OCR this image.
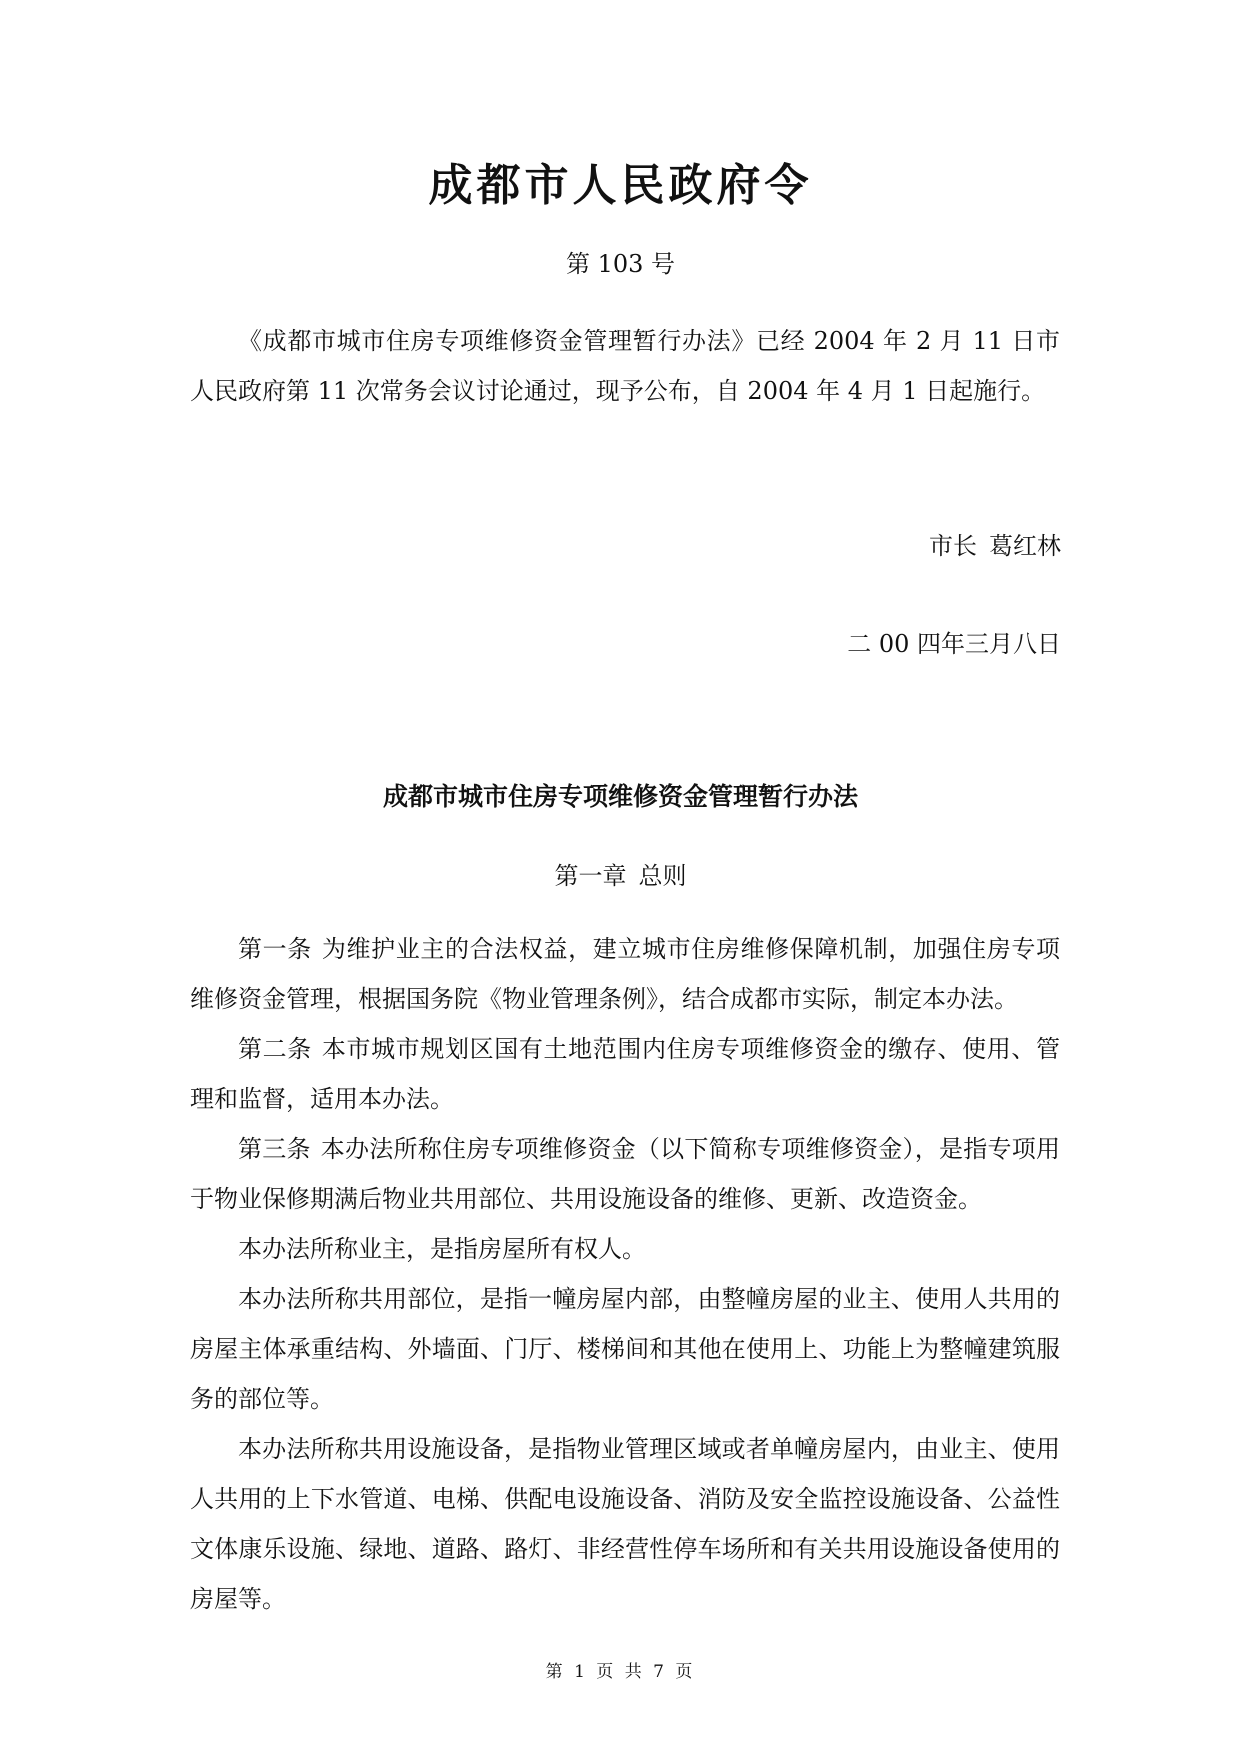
成都市人民政府令
第 103 号

《成都市城市住房专项维修资金管理暂行办法》已经 2004 年 2 月 11 日市人民政府第 11 次常务会议讨论通过，现予公布，自 2004 年 4 月 1 日起施行。

市长 葛红林
二 00 四年三月八日
成都市城市住房专项维修资金管理暂行办法
第一章 总则

第一条 为维护业主的合法权益，建立城市住房维修保障机制，加强住房专项维修资金管理，根据国务院《物业管理条例》，结合成都市实际，制定本办法。

第二条 本市城市规划区国有土地范围内住房专项维修资金的缴存、使用、管理和监督，适用本办法。

第三条 本办法所称住房专项维修资金（以下简称专项维修资金），是指专项用于物业保修期满后物业共用部位、共用设施设备的维修、更新、改造资金。

本办法所称业主，是指房屋所有权人。

本办法所称共用部位，是指一幢房屋内部，由整幢房屋的业主、使用人共用的房屋主体承重结构、外墙面、门厅、楼梯间和其他在使用上、功能上为整幢建筑服务的部位等。

本办法所称共用设施设备，是指物业管理区域或者单幢房屋内，由业主、使用人共用的上下水管道、电梯、供配电设施设备、消防及安全监控设施设备、公益性文体康乐设施、绿地、道路、路灯、非经营性停车场所和有关共用设施设备使用的房屋等。

第 1 页 共 7 页
